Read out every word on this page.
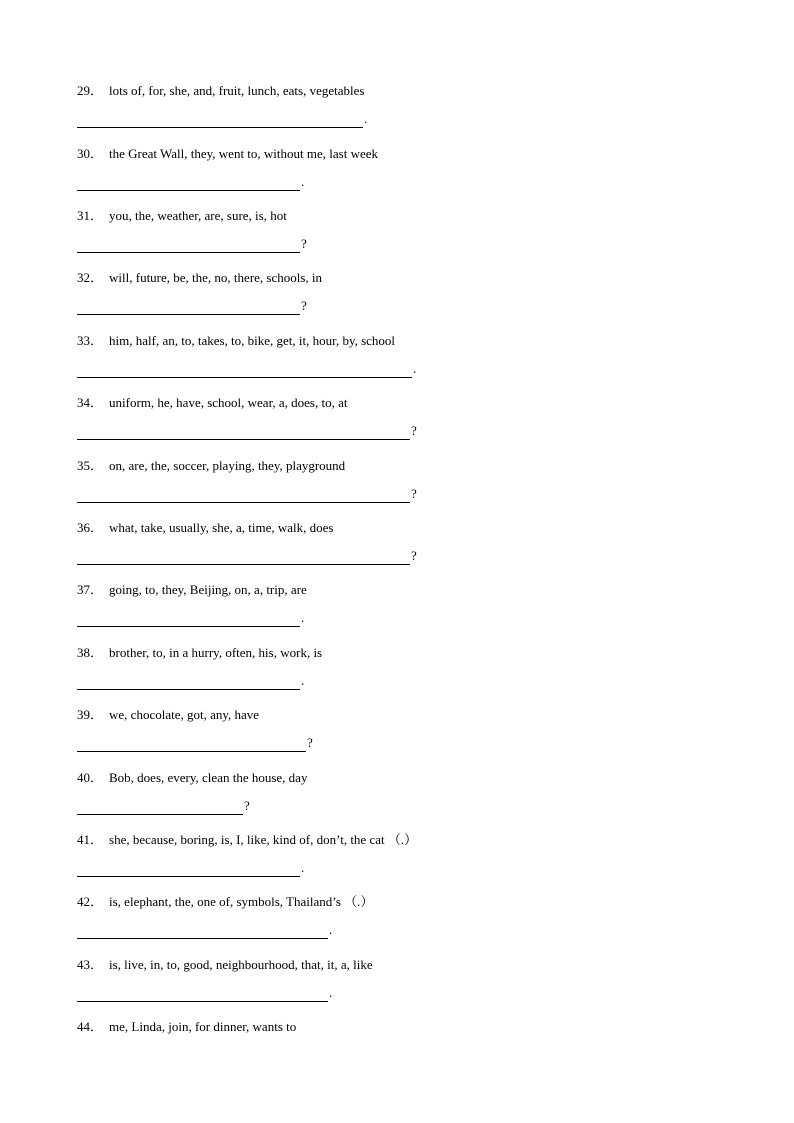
29． lots of, for, she, and, fruit, lunch, eats, vegetables
.
30． the Great Wall, they, went to, without me, last week
.
31． you, the, weather, are, sure, is, hot
?
32． will, future, be, the, no, there, schools, in
?
33． him, half, an, to, takes, to, bike, get, it, hour, by, school
.
34． uniform, he, have, school, wear, a, does, to, at
?
35． on, are, the, soccer, playing, they, playground
?
36． what, take, usually, she, a, time, walk, does
?
37． going, to, they, Beijing, on, a, trip, are
.
38． brother, to, in a hurry, often, his, work, is
.
39． we, chocolate, got, any, have
?
40． Bob, does, every, clean the house, day
?
41． she, because, boring, is, I, like, kind of, don’t, the cat （.）
.
42． is, elephant, the, one of, symbols, Thailand’s （.）
.
43． is, live, in, to, good, neighbourhood, that, it, a, like
.
44． me, Linda, join, for dinner, wants to
